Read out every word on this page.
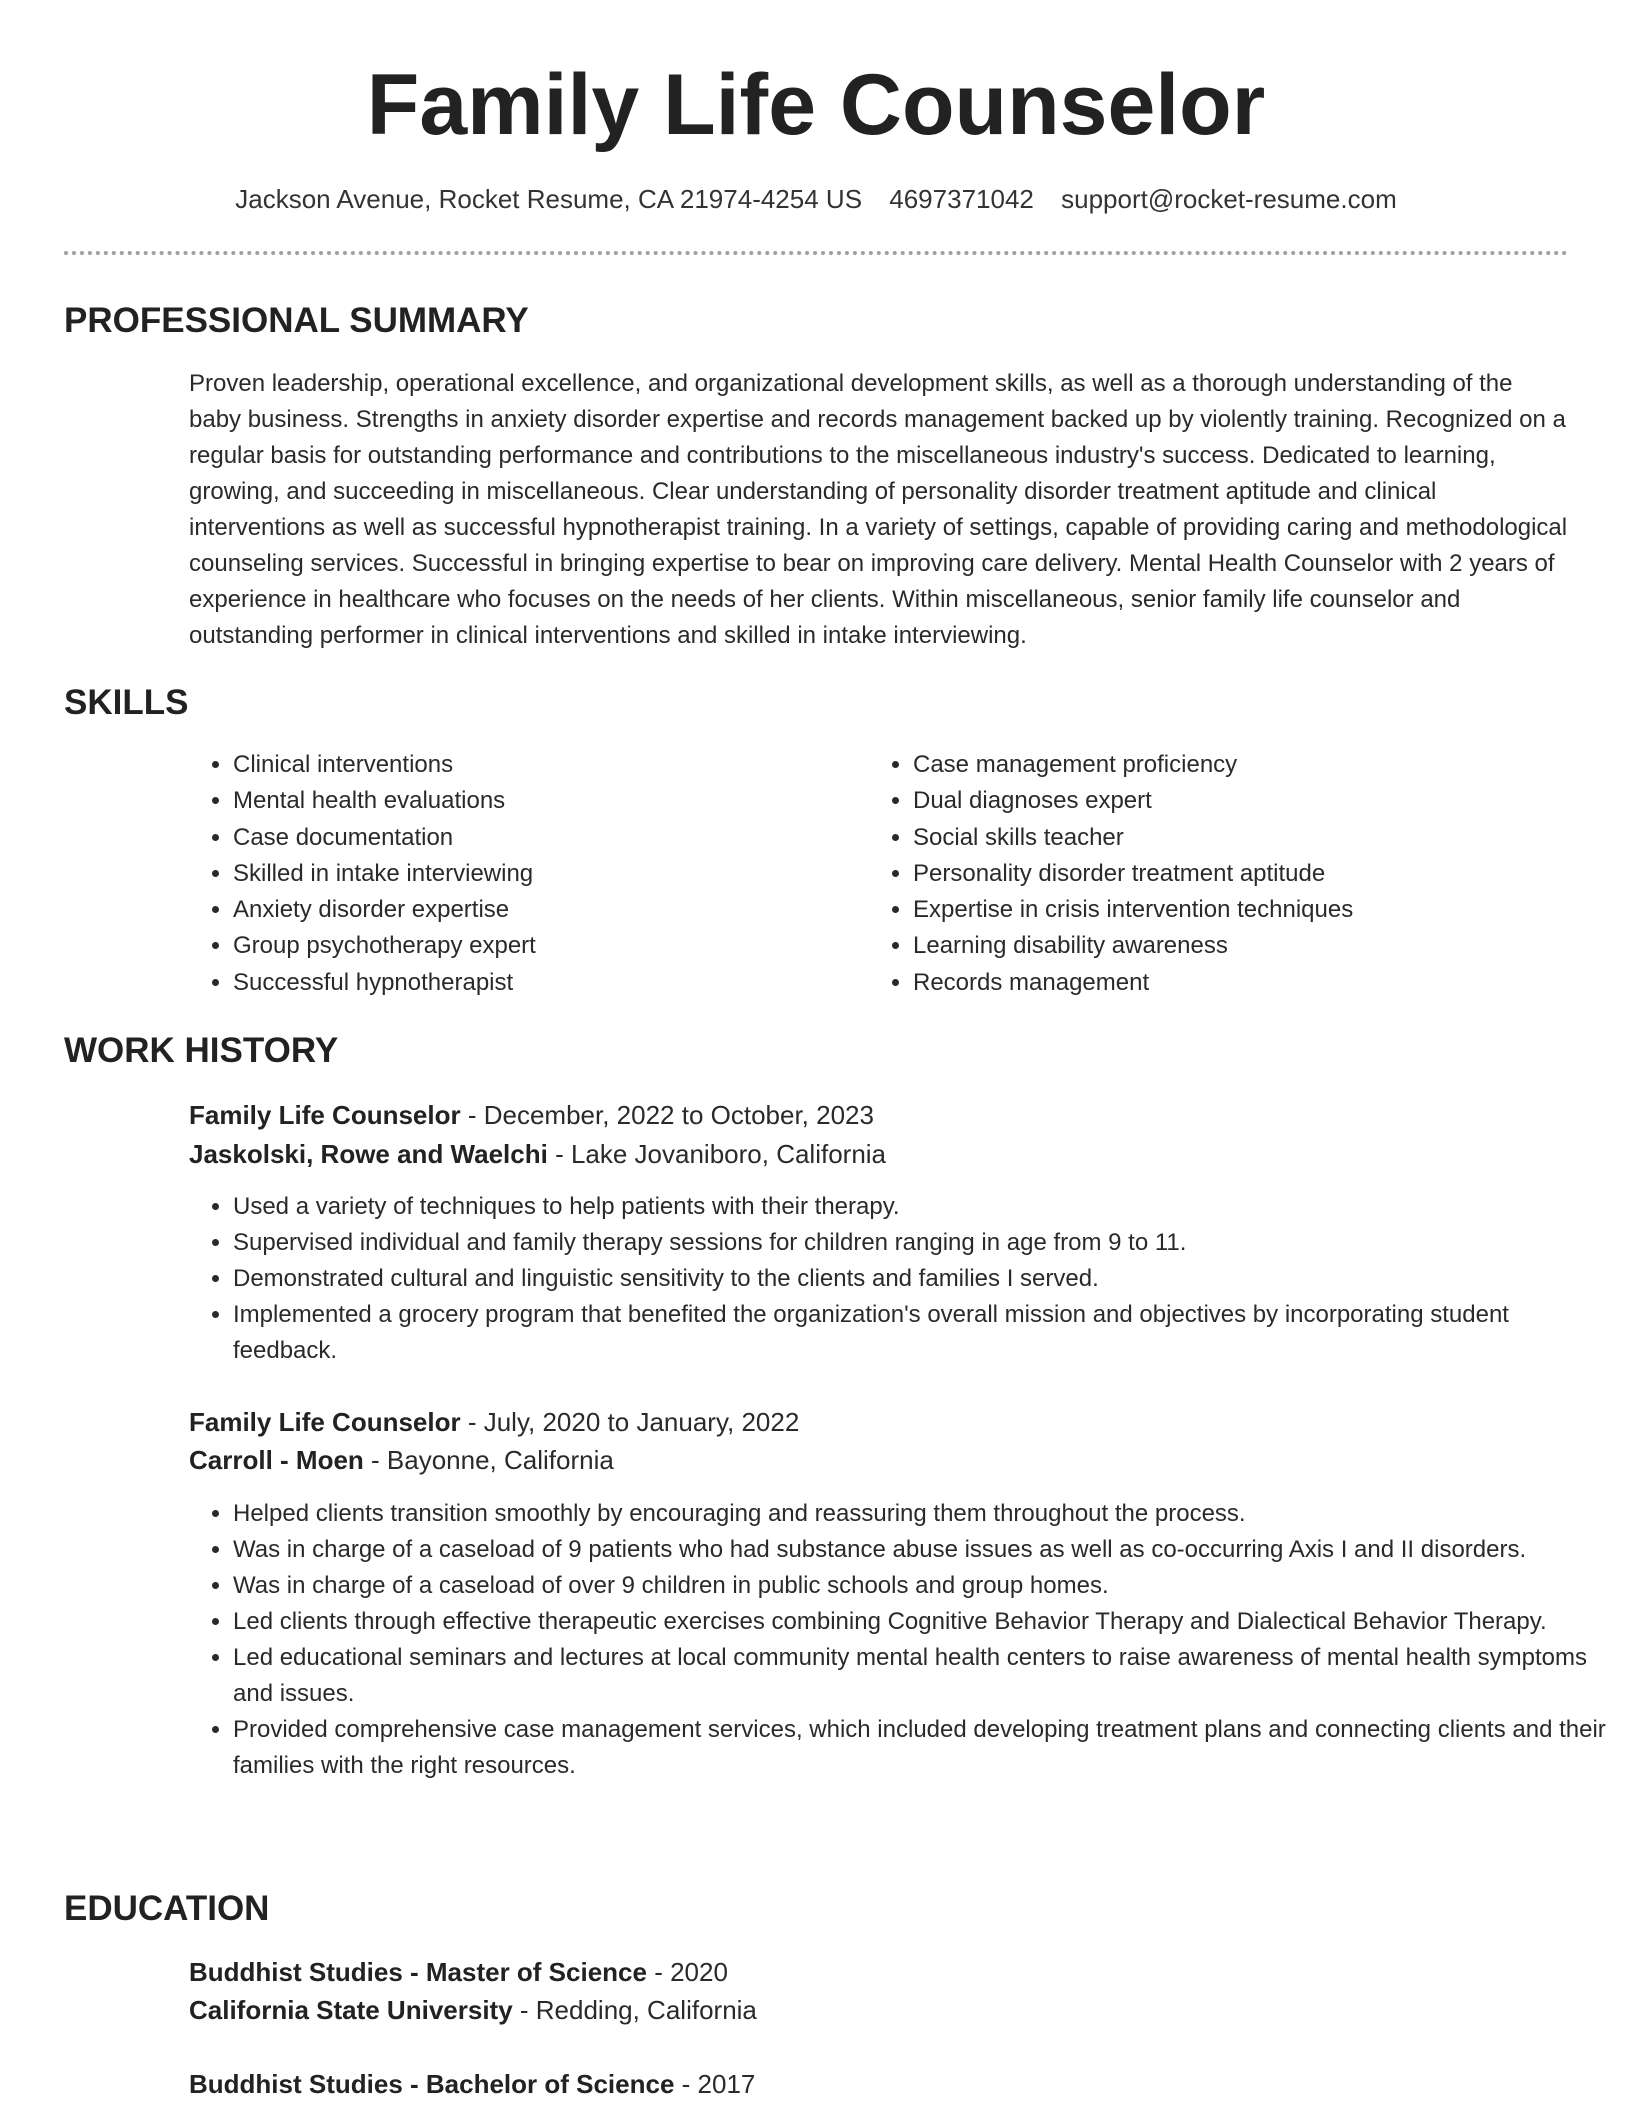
Family Life Counselor
Jackson Avenue, Rocket Resume, CA 21974-4254 US 4697371042 support@rocket-resume.com
PROFESSIONAL SUMMARY
Proven leadership, operational excellence, and organizational development skills, as well as a thorough understanding of the baby business. Strengths in anxiety disorder expertise and records management backed up by violently training. Recognized on a regular basis for outstanding performance and contributions to the miscellaneous industry's success. Dedicated to learning, growing, and succeeding in miscellaneous. Clear understanding of personality disorder treatment aptitude and clinical interventions as well as successful hypnotherapist training. In a variety of settings, capable of providing caring and methodological counseling services. Successful in bringing expertise to bear on improving care delivery. Mental Health Counselor with 2 years of experience in healthcare who focuses on the needs of her clients. Within miscellaneous, senior family life counselor and outstanding performer in clinical interventions and skilled in intake interviewing.
SKILLS
• Clinical interventions
• Mental health evaluations
• Case documentation
• Skilled in intake interviewing
• Anxiety disorder expertise
• Group psychotherapy expert
• Successful hypnotherapist
• Case management proficiency
• Dual diagnoses expert
• Social skills teacher
• Personality disorder treatment aptitude
• Expertise in crisis intervention techniques
• Learning disability awareness
• Records management
WORK HISTORY
Family Life Counselor - December, 2022 to October, 2023
Jaskolski, Rowe and Waelchi - Lake Jovaniboro, California
• Used a variety of techniques to help patients with their therapy.
• Supervised individual and family therapy sessions for children ranging in age from 9 to 11.
• Demonstrated cultural and linguistic sensitivity to the clients and families I served.
• Implemented a grocery program that benefited the organization's overall mission and objectives by incorporating student feedback.
Family Life Counselor - July, 2020 to January, 2022
Carroll - Moen - Bayonne, California
• Helped clients transition smoothly by encouraging and reassuring them throughout the process.
• Was in charge of a caseload of 9 patients who had substance abuse issues as well as co-occurring Axis I and II disorders.
• Was in charge of a caseload of over 9 children in public schools and group homes.
• Led clients through effective therapeutic exercises combining Cognitive Behavior Therapy and Dialectical Behavior Therapy.
• Led educational seminars and lectures at local community mental health centers to raise awareness of mental health symptoms and issues.
• Provided comprehensive case management services, which included developing treatment plans and connecting clients and their families with the right resources.
EDUCATION
Buddhist Studies - Master of Science - 2020
California State University - Redding, California
Buddhist Studies - Bachelor of Science - 2017
